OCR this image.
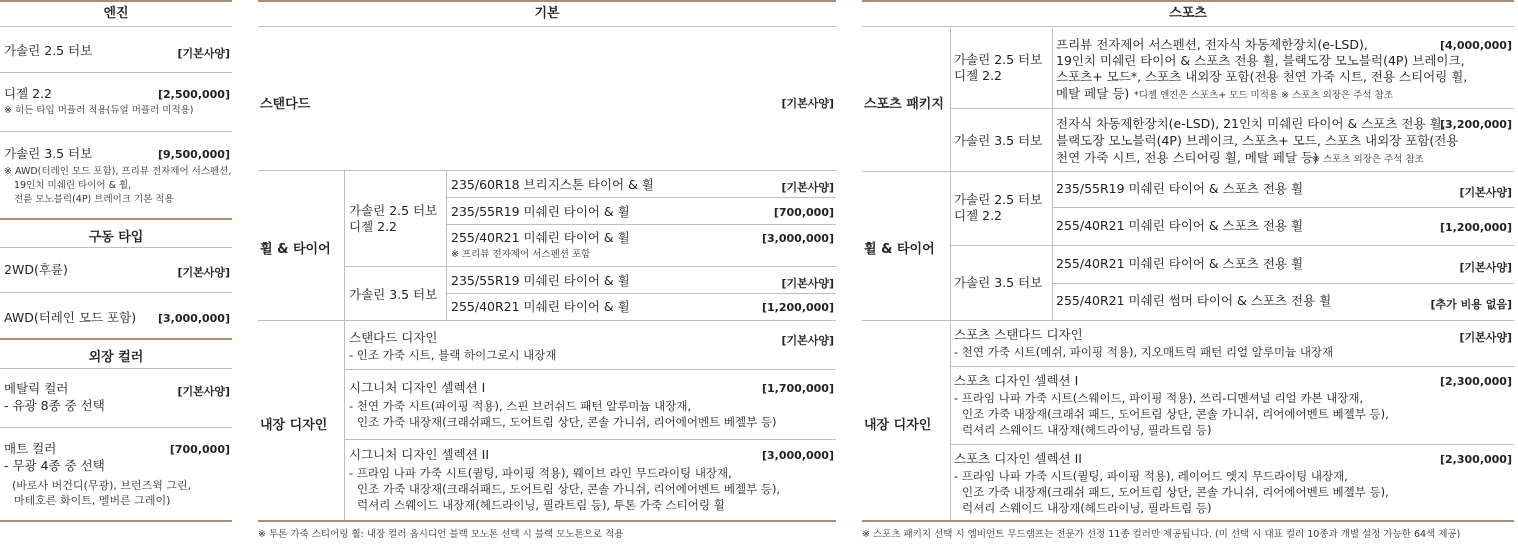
엔진
가솔린 2.5 터보	[기본사양]
디젤 2.2	[2,500,000]
※ 히든 타입 머플러 적용(듀얼 머플러 미적용)
가솔린 3.5 터보	[9,500,000]
※ AWD(터레인 모드 포함), 프리뷰 전자제어 서스펜션,
19인치 미쉐린 타이어 & 휠,
전륜 모노블럭(4P) 브레이크 기본 적용
구동 타입
2WD(후륜)	[기본사양]
AWD(터레인 모드 포함) [3,000,000]
외장 컬러
메탈릭 컬러	[기본사양]
- 유광 8종 중 선택
매트 컬러	[700,000]
- 무광 4종 중 선택
(바로사 버건디(무광), 브런즈윅 그린,
마테호른 화이트, 멜버른 그레이)
기본
스탠다드	[기본사양]
휠 & 타이어
가솔린 2.5 터보
디젤 2.2
235/60R18 브리지스톤 타이어 & 휠	[기본사양]
235/55R19 미쉐린 타이어 & 휠	[700,000]
255/40R21 미쉐린 타이어 & 휠	[3,000,000]
※ 프리뷰 전자제어 서스펜션 포함
가솔린 3.5 터보
235/55R19 미쉐린 타이어 & 휠	[기본사양]
255/40R21 미쉐린 타이어 & 휠	[1,200,000]
내장 디자인
스탠다드 디자인	[기본사양]
- 인조 가죽 시트, 블랙 하이그로시 내장재
시그니처 디자인 셀렉션 I	[1,700,000]
- 천연 가죽 시트(파이핑 적용), 스핀 브러쉬드 패턴 알루미늄 내장재,
인조 가죽 내장재(크래쉬패드, 도어트림 상단, 콘솔 가니쉬, 리어에어벤트 베젤부 등)
시그니처 디자인 셀렉션 II	[3,000,000]
- 프라임 나파 가죽 시트(퀼팅, 파이핑 적용), 웨이브 라인 무드라이팅 내장재,
인조 가죽 내장재(크래쉬패드, 도어트림 상단, 콘솔 가니쉬, 리어에어벤트 베젤부 등),
럭셔리 스웨이드 내장재(헤드라이닝, 필라트림 등), 투톤 가죽 스티어링 휠
※ 투톤 가죽 스티어링 휠: 내장 컬러 옵시디언 블랙 모노톤 선택 시 블랙 모노톤으로 적용
스포츠
스포츠 패키지
가솔린 2.5 터보
디젤 2.2
[4,000,000]
프리뷰 전자제어 서스펜션, 전자식 차동제한장치(e-LSD),
19인치 미쉐린 타이어 & 스포츠 전용 휠, 블랙도장 모노블럭(4P) 브레이크,
스포츠+ 모드*, 스포츠 내외장 포함(전용 천연 가죽 시트, 전용 스티어링 휠,
메탈 페달 등) *디젤 엔진은 스포츠+ 모드 미적용 ※ 스포츠 외장은 주석 참조
가솔린 3.5 터보
[3,200,000]
전자식 차동제한장치(e-LSD), 21인치 미쉐린 타이어 & 스포츠 전용 휠,
블랙도장 모노블럭(4P) 브레이크, 스포츠+ 모드, 스포츠 내외장 포함(전용
천연 가죽 시트, 전용 스티어링 휠, 메탈 페달 등)
※ 스포츠 외장은 주석 참조
휠 & 타이어
가솔린 2.5 터보
디젤 2.2
235/55R19 미쉐린 타이어 & 스포츠 전용 휠	[기본사양]
255/40R21 미쉐린 타이어 & 스포츠 전용 휠	[1,200,000]
가솔린 3.5 터보
255/40R21 미쉐린 타이어 & 스포츠 전용 휠	[기본사양]
255/40R21 미쉐린 썸머 타이어 & 스포츠 전용 휠	[추가 비용 없음]
내장 디자인
스포츠 스탠다드 디자인	[기본사양]
- 천연 가죽 시트(메쉬, 파이핑 적용), 지오매트릭 패턴 리얼 알루미늄 내장재
스포츠 디자인 셀렉션 I	[2,300,000]
- 프라임 나파 가죽 시트(스웨이드, 파이핑 적용), 쓰리-디멘셔널 리얼 카본 내장재,
인조 가죽 내장재(크래쉬 패드, 도어트림 상단, 콘솔 가니쉬, 리어에어벤트 베젤부 등),
럭셔리 스웨이드 내장재(헤드라이닝, 필라트림 등)
스포츠 디자인 셀렉션 II	[2,300,000]
- 프라임 나파 가죽 시트(퀼팅, 파이핑 적용), 레이어드 엣지 무드라이팅 내장재,
인조 가죽 내장재(크래쉬 패드, 도어트림 상단, 콘솔 가니쉬, 리어에어벤트 베젤부 등),
럭셔리 스웨이드 내장재(헤드라이닝, 필라트림 등)
※ 스포츠 패키지 선택 시 엠비언트 무드램프는 전문가 선정 11종 컬러만 제공됩니다. (미 선택 시 대표 컬러 10종과 개별 설정 가능한 64색 제공)
